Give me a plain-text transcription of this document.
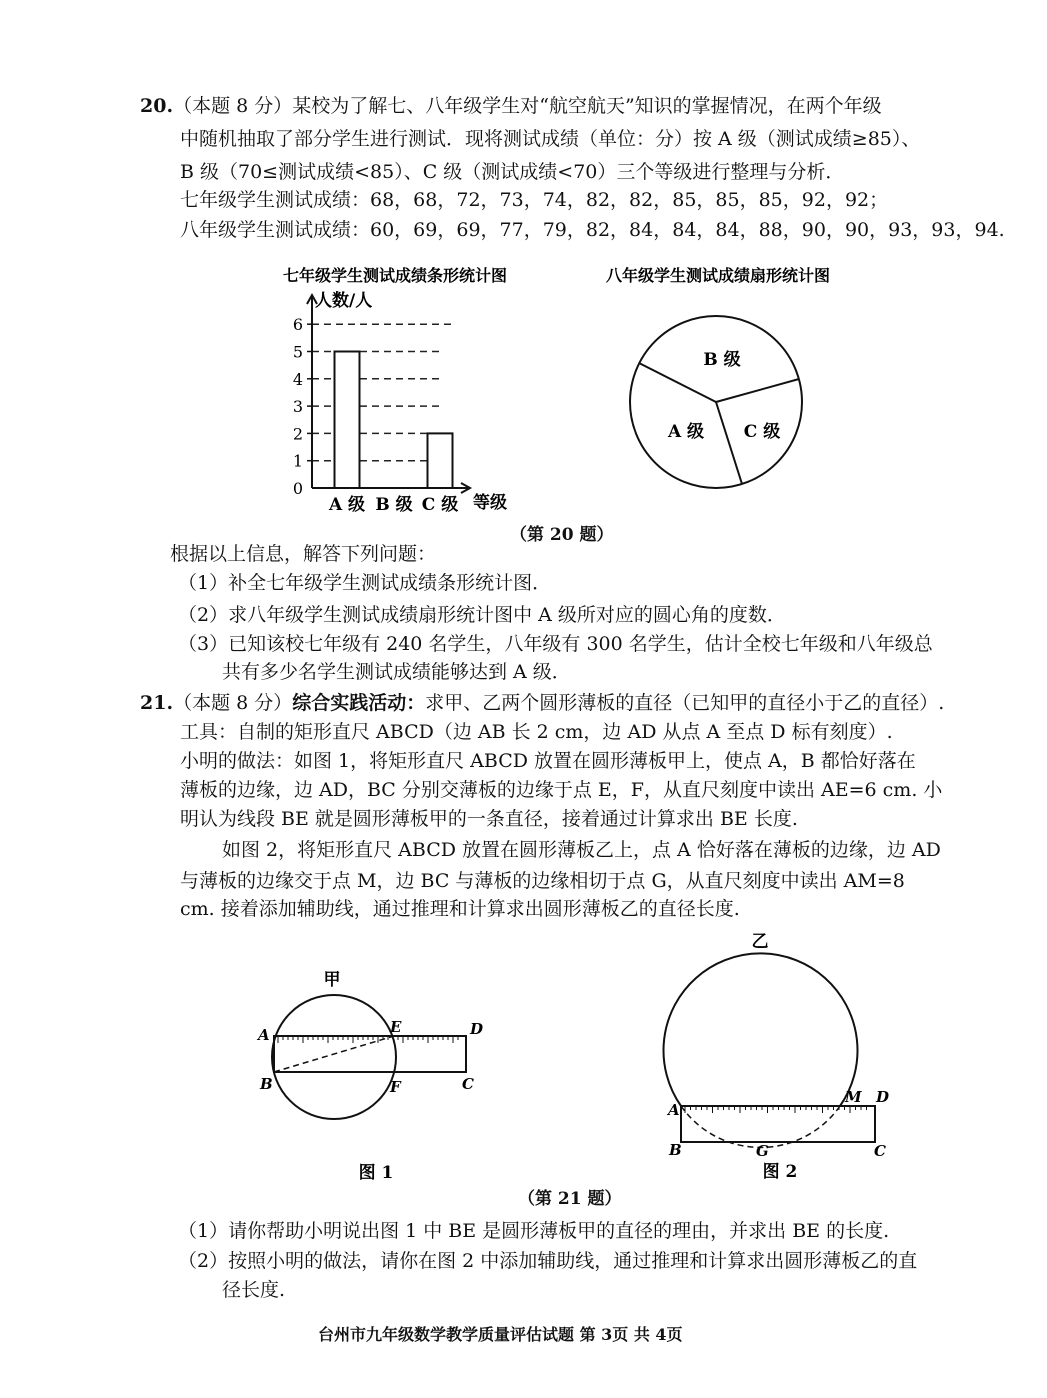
20.（本题 8 分）某校为了解七、八年级学生对“航空航天”知识的掌握情况，在两个年级
中随机抽取了部分学生进行测试．现将测试成绩（单位：分）按 A 级（测试成绩≥85）、
B 级（70≤测试成绩<85）、C 级（测试成绩<70）三个等级进行整理与分析．
七年级学生测试成绩：68，68，72，73，74，82，82，85，85，85，92，92；
八年级学生测试成绩：60，69，69，77，79，82，84，84，84，88，90，90，93，93，94.
七年级学生测试成绩条形统计图
人数/人
等级
0
1
2
3
4
5
6
A 级 B 级 C 级
八年级学生测试成绩扇形统计图
B 级
C 级
A 级
（第 20 题）
根据以上信息，解答下列问题：
（1）补全七年级学生测试成绩条形统计图．
（2）求八年级学生测试成绩扇形统计图中 A 级所对应的圆心角的度数．
（3）已知该校七年级有 240 名学生，八年级有 300 名学生，估计全校七年级和八年级总
共有多少名学生测试成绩能够达到 A 级．
21.（本题 8 分）综合实践活动：求甲、乙两个圆形薄板的直径（已知甲的直径小于乙的直径）.
工具：自制的矩形直尺 ABCD（边 AB 长 2 cm，边 AD 从点 A 至点 D 标有刻度）.
小明的做法：如图 1，将矩形直尺 ABCD 放置在圆形薄板甲上，使点 A，B 都恰好落在
薄板的边缘，边 AD，BC 分别交薄板的边缘于点 E，F，从直尺刻度中读出 AE=6 cm. 小
明认为线段 BE 就是圆形薄板甲的一条直径，接着通过计算求出 BE 长度.
如图 2，将矩形直尺 ABCD 放置在圆形薄板乙上，点 A 恰好落在薄板的边缘，边 AD
与薄板的边缘交于点 M，边 BC 与薄板的边缘相切于点 G，从直尺刻度中读出 AM=8
cm. 接着添加辅助线，通过推理和计算求出圆形薄板乙的直径长度.
甲
A
B
E
F
D
C
图 1
乙
A
M D
B	G	C
图 2
（第 21 题）
（1）请你帮助小明说出图 1 中 BE 是圆形薄板甲的直径的理由，并求出 BE 的长度.
（2）按照小明的做法，请你在图 2 中添加辅助线，通过推理和计算求出圆形薄板乙的直
径长度.
台州市九年级数学教学质量评估试题 第 3页 共 4页
